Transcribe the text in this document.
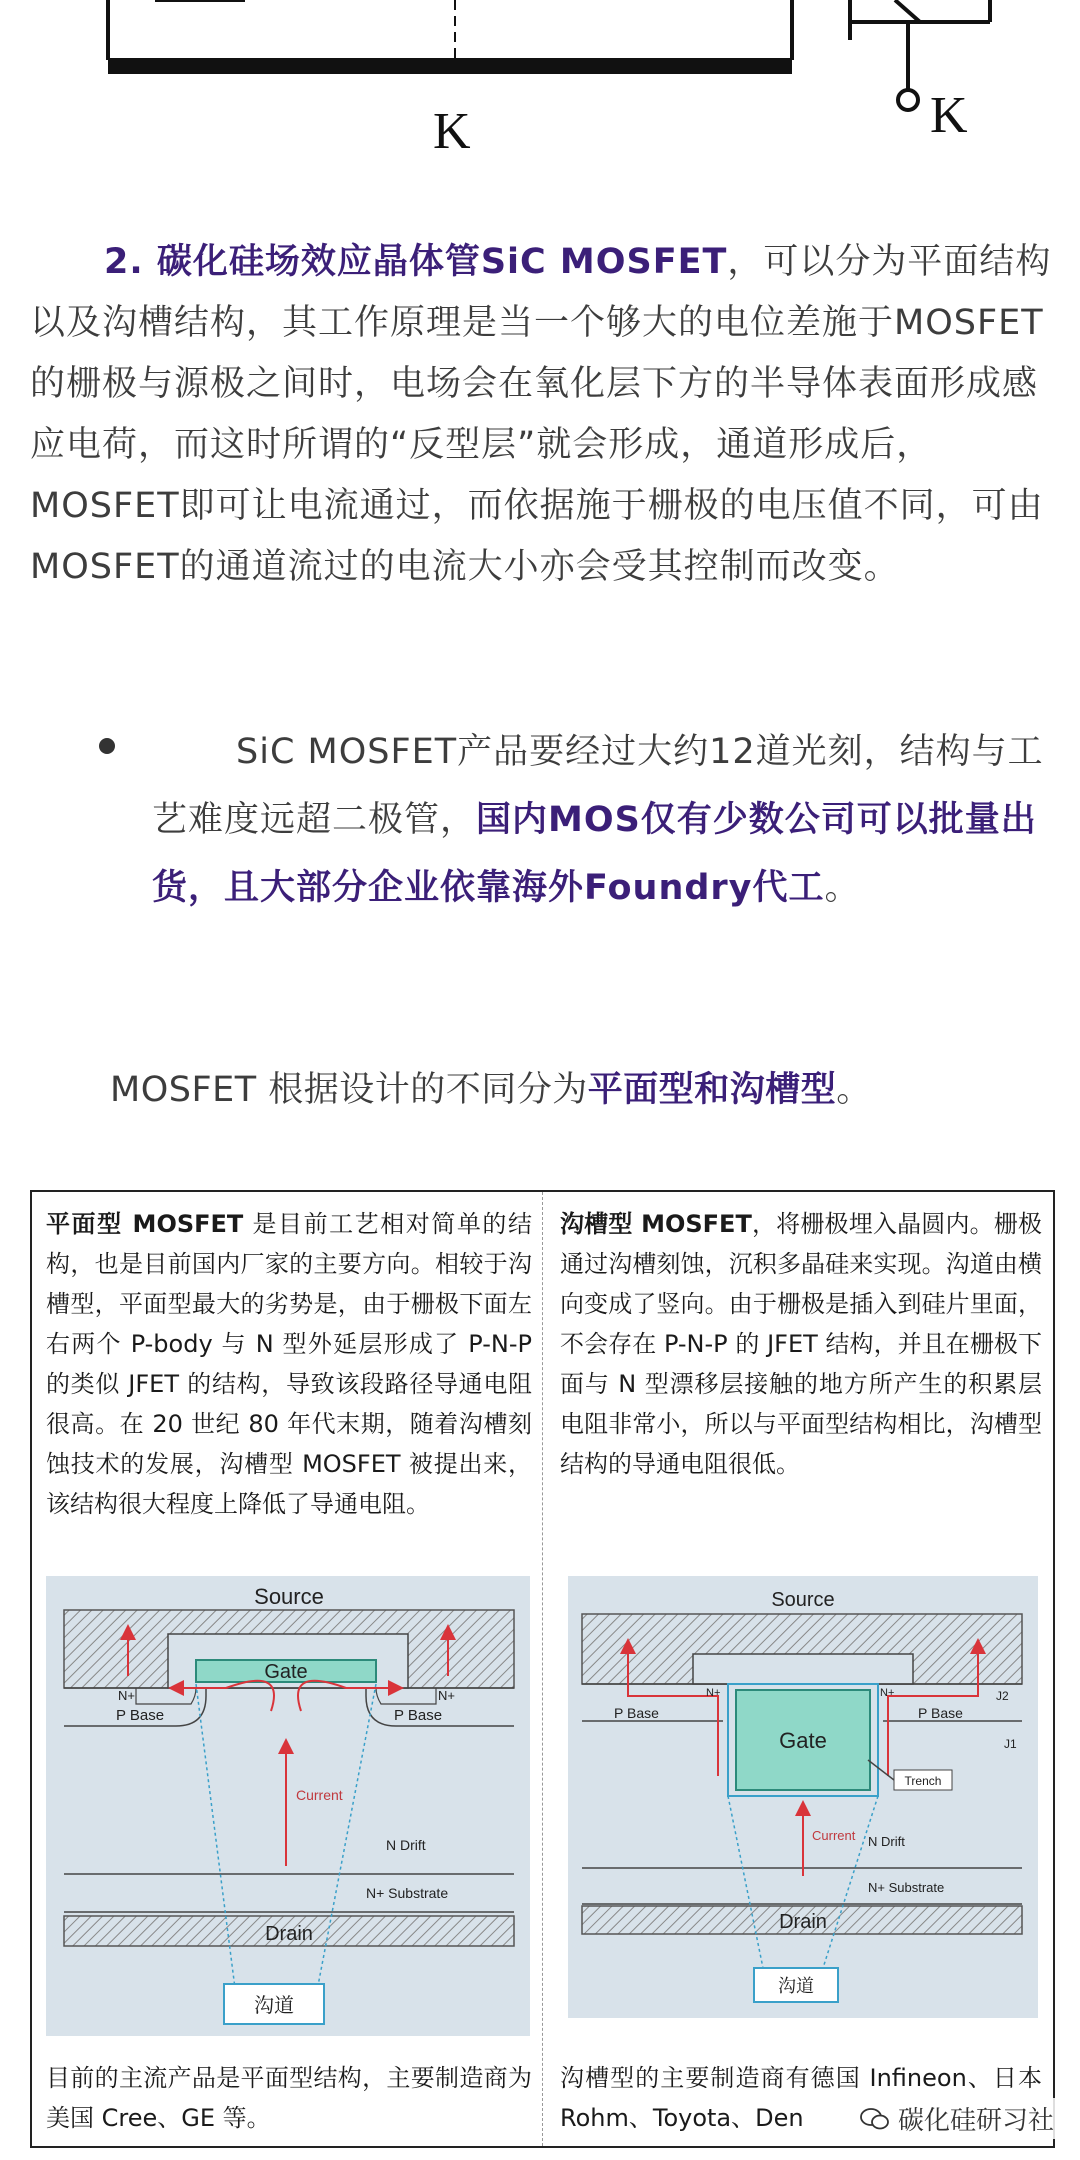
K	K
2. 碳化硅场效应晶体管SiC MOSFET，可以分为平面结构以及沟槽结构，其工作原理是当一个够大的电位差施于MOSFET的栅极与源极之间时，电场会在氧化层下方的半导体表面形成感应电荷，而这时所谓的“反型层”就会形成，通道形成后，MOSFET即可让电流通过，而依据施于栅极的电压值不同，可由MOSFET的通道流过的电流大小亦会受其控制而改变。
SiC MOSFET产品要经过大约12道光刻，结构与工艺难度远超二极管，国内MOS仅有少数公司可以批量出货，且大部分企业依靠海外Foundry代工。
MOSFET 根据设计的不同分为平面型和沟槽型。
平面型 MOSFET 是目前工艺相对简单的结构，也是目前国内厂家的主要方向。相较于沟槽型，平面型最大的劣势是，由于栅极下面左右两个 P-body 与 N 型外延层形成了 P-N-P 的类似 JFET 的结构，导致该段路径导通电阻很高。在 20 世纪 80 年代末期，随着沟槽刻蚀技术的发展，沟槽型 MOSFET 被提出来，该结构很大程度上降低了导通电阻。
沟槽型 MOSFET，将栅极埋入晶圆内。栅极通过沟槽刻蚀，沉积多晶硅来实现。沟道由横向变成了竖向。由于栅极是插入到硅片里面，不会存在 P-N-P 的 JFET 结构，并且在栅极下面与 N 型漂移层接触的地方所产生的积累层电阻非常小，所以与平面型结构相比，沟槽型结构的导通电阻很低。
Source
Gate
N+	N+
P Base	P Base
Current
N Drift
N+ Substrate
Drain
沟道
Source
Gate
N+	N+
P Base	P Base
J2
J1
Trench
Current N Drift
N+ Substrate
Drain
沟道
目前的主流产品是平面型结构，主要制造商为美国 Cree、GE 等。
沟槽型的主要制造商有德国 Infineon、日本 Rohm、Toyota、Den	碳化硅研习社
